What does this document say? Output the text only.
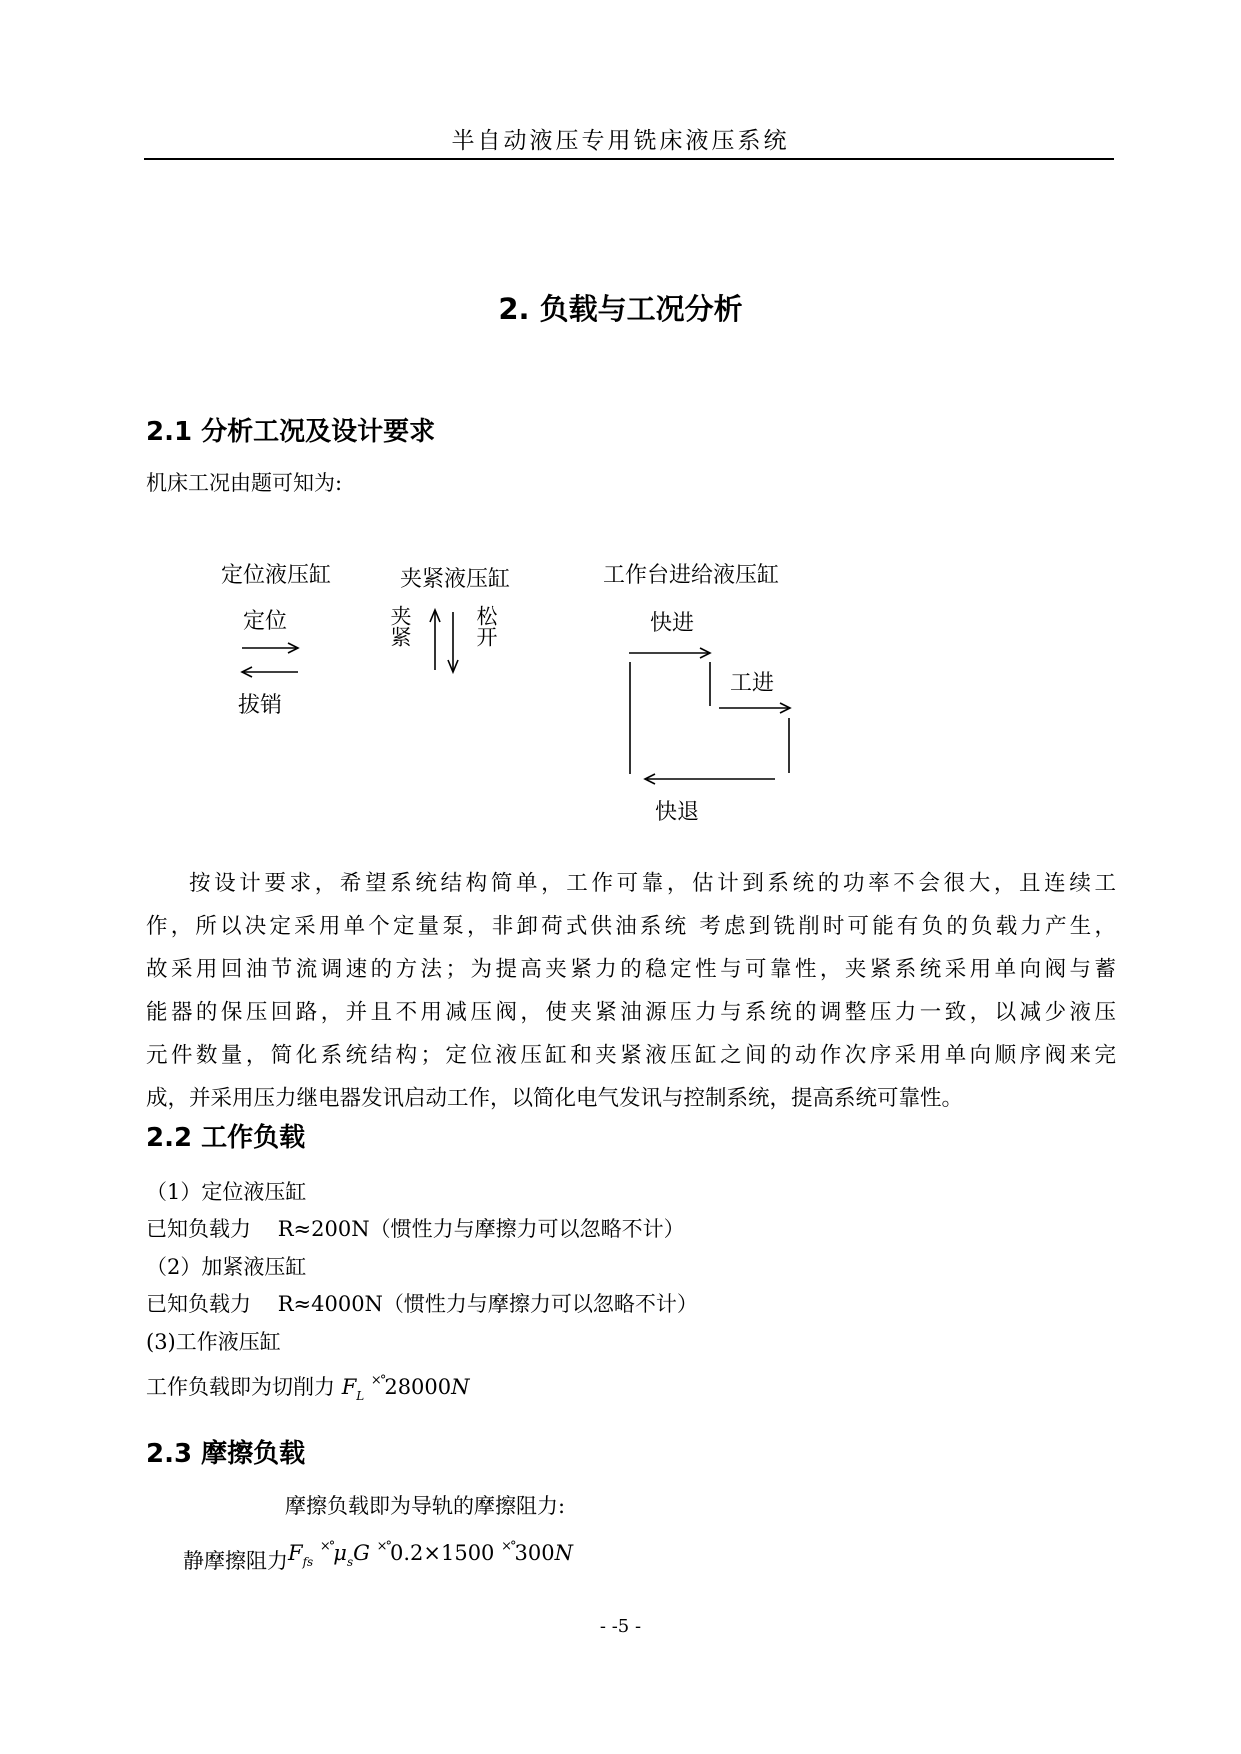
半自动液压专用铣床液压系统
2. 负载与工况分析
2.1 分析工况及设计要求
机床工况由题可知为:
定位液压缸
定位
拔销
夹紧液压缸
夹紧	松开
工作台进给液压缸
快进
工进
快退
按设计要求，希望系统结构简单，工作可靠，估计到系统的功率不会很大，且连续工
作，所以决定采用单个定量泵，非卸荷式供油系统 考虑到铣削时可能有负的负载力产生，
故采用回油节流调速的方法；为提高夹紧力的稳定性与可靠性，夹紧系统采用单向阀与蓄
能器的保压回路，并且不用减压阀，使夹紧油源压力与系统的调整压力一致，以减少液压
元件数量，简化系统结构；定位液压缸和夹紧液压缸之间的动作次序采用单向顺序阀来完
成，并采用压力继电器发讯启动工作，以简化电气发讯与控制系统，提高系统可靠性。
2.2 工作负载
（1）定位液压缸
已知负载力    R≈200N（惯性力与摩擦力可以忽略不计）
（2）加紧液压缸
已知负载力    R≈4000N（惯性力与摩擦力可以忽略不计）
(3)工作液压缸
工作负载即为切削力 $F_L$ ×°28000N
2.3 摩擦负载
摩擦负载即为导轨的摩擦阻力:
静摩擦阻力$F_{fs}$ $^{\times^\circ}\mu_sG$ ×°0.2×1500 ×°300N
- -5 -
